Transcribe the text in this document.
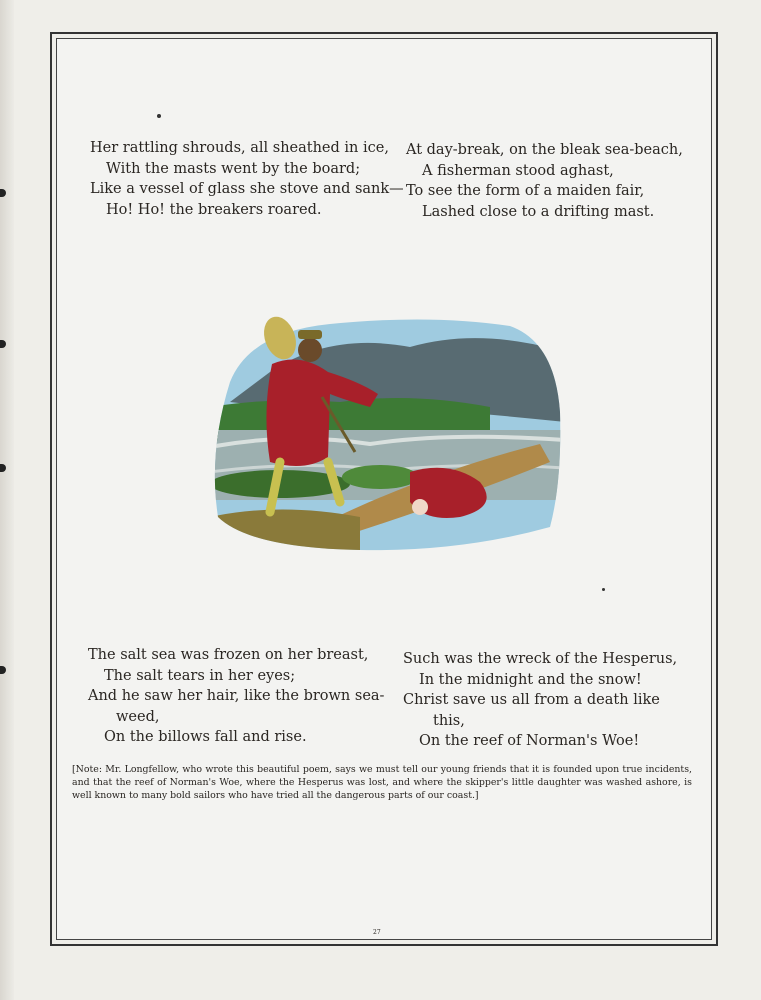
Her rattling shrouds, all sheathed in ice,
With the masts went by the board;
Like a vessel of glass she stove and sank—
Ho! Ho! the breakers roared.
At day-break, on the bleak sea-beach,
A fisherman stood aghast,
To see the form of a maiden fair,
Lashed close to a drifting mast.
The salt sea was frozen on her breast,
The salt tears in her eyes;
And he saw her hair, like the brown sea-
weed,
On the billows fall and rise.
Such was the wreck of the Hesperus,
In the midnight and the snow!
Christ save us all from a death like
this,
On the reef of Norman's Woe!
[Note: Mr. Longfellow, who wrote this beautiful poem, says we must tell our young friends that it is founded upon true incidents, and that the reef of Norman's Woe, where the Hesperus was lost, and where the skipper's little daughter was washed ashore, is well known to many bold sailors who have tried all the dangerous parts of our coast.]
27
